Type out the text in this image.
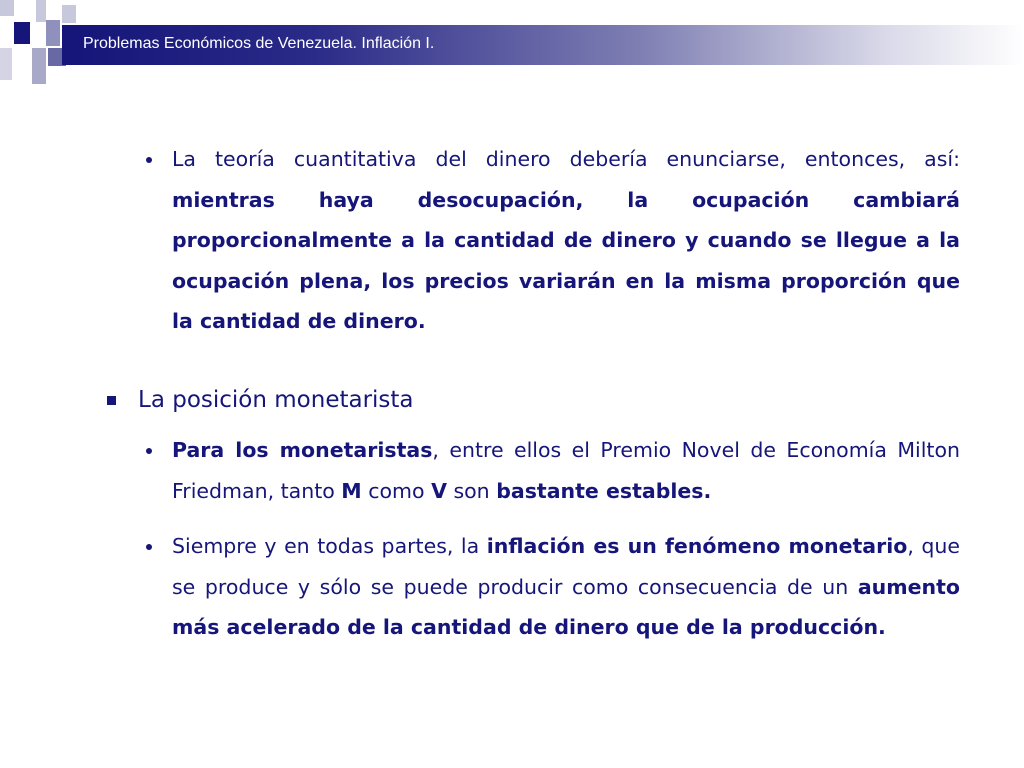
Problemas Económicos de Venezuela. Inflación I.
La teoría cuantitativa del dinero debería enunciarse, entonces, así: mientras haya desocupación, la ocupación cambiará proporcionalmente a la cantidad de dinero y cuando se llegue a la ocupación plena, los precios variarán en la misma proporción que la cantidad de dinero.
La posición monetarista
Para los monetaristas, entre ellos el Premio Novel de Economía Milton Friedman, tanto M como V son bastante estables.
Siempre y en todas partes, la inflación es un fenómeno monetario, que se produce y sólo se puede producir como consecuencia de un aumento más acelerado de la cantidad de dinero que de la producción.
